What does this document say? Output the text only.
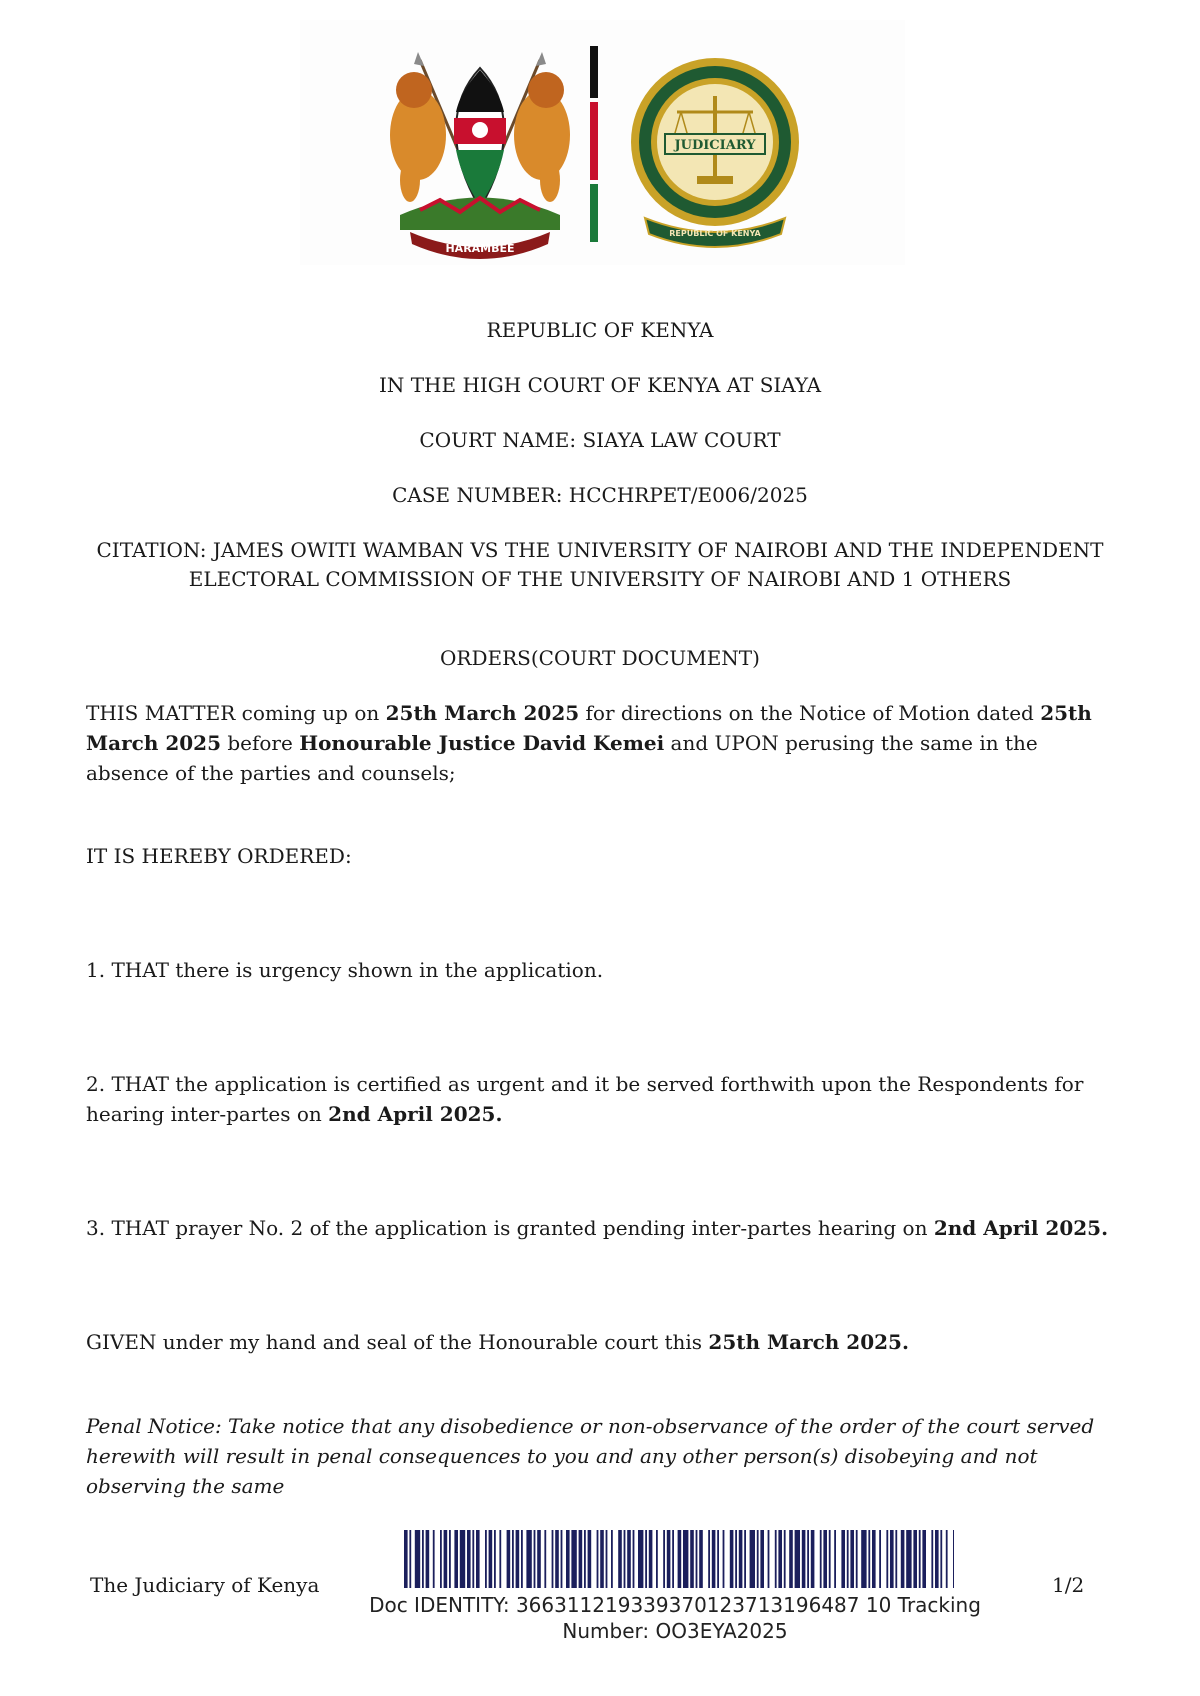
HARAMBEE
JUDICIARY
REPUBLIC OF KENYA

REPUBLIC OF KENYA

IN THE HIGH COURT OF KENYA AT SIAYA

COURT NAME: SIAYA LAW COURT

CASE NUMBER: HCCHRPET/E006/2025

CITATION: JAMES OWITI WAMBAN VS THE UNIVERSITY OF NAIROBI AND THE INDEPENDENT

ELECTORAL COMMISSION OF THE UNIVERSITY OF NAIROBI AND 1 OTHERS

ORDERS(COURT DOCUMENT)

THIS MATTER coming up on 25th March 2025 for directions on the Notice of Motion dated 25th March 2025 before Honourable Justice David Kemei and UPON perusing the same in the absence of the parties and counsels;

IT IS HEREBY ORDERED:

1. THAT there is urgency shown in the application.

2. THAT the application is certified as urgent and it be served forthwith upon the Respondents for hearing inter-partes on 2nd April 2025.

3. THAT prayer No. 2 of the application is granted pending inter-partes hearing on 2nd April 2025.

GIVEN under my hand and seal of the Honourable court this 25th March 2025.

Penal Notice: Take notice that any disobedience or non-observance of the order of the court served herewith will result in penal consequences to you and any other person(s) disobeying and not observing the same

The Judiciary of Kenya	1/2
Doc IDENTITY: 366311219339370123713196487 10 Tracking Number: OO3EYA2025
